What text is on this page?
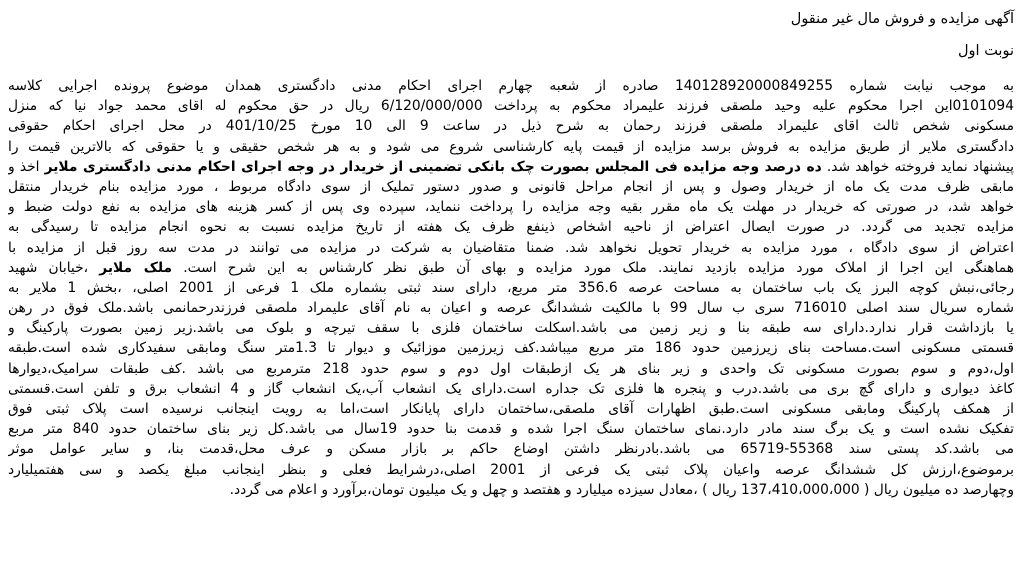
آگهی مزایده و فروش مال غیر منقول
نوبت اول
به موجب نیابت شماره 140128920000849255 صادره از شعبه چهارم اجرای احکام مدنی دادگستری همدان موضوع پرونده اجرایی کلاسه
0101094این اجرا محکوم علیه وحید ملصقی فرزند علیمراد محکوم به پرداخت 6/120/000/000 ریال در حق محکوم له اقای محمد جواد نیا که منزل
مسکونی شخص ثالث اقای علیمراد ملصقی فرزند رحمان به شرح ذیل در ساعت 9 الی 10 مورخ 401/10/25 در محل اجرای احکام حقوقی
دادگستری ملایر از طریق مزایده به فروش برسد مزایده از قیمت پایه کارشناسی شروع می شود و به هر شخص حقیقی و یا حقوقی که بالاترین قیمت را
پیشنهاد نماید فروخته خواهد شد. ده درصد وجه مزایده فی المجلس بصورت چک بانکی تضمینی از خریدار در وجه اجرای احکام مدنی دادگستری ملایر اخذ و
مابقی ظرف مدت یک ماه از خریدار وصول و پس از انجام مراحل قانونی و صدور دستور تملیک از سوی دادگاه مربوط ، مورد مزایده بنام خریدار منتقل
خواهد شد، در صورتی که خریدار در مهلت یک ماه مقرر بقیه وجه مزایده را پرداخت ننماید، سپرده وی پس از کسر هزینه های مزایده به نفع دولت ضبط و
مزایده تجدید می گردد. در صورت ایصال اعتراض از ناحیه اشخاص ذینفع ظرف یک هفته از تاریخ مزایده نسبت به نحوه انجام مزایده تا رسیدگی به
اعتراض از سوی دادگاه ، مورد مزایده به خریدار تحویل نخواهد شد. ضمنا متقاضیان به شرکت در مزایده می توانند در مدت سه روز قبل از مزایده با
هماهنگی این اجرا از املاک مورد مزایده بازدید نمایند. ملک مورد مزایده و بهای آن طبق نظر کارشناس به این شرح است. ملک ملایر ،خیابان شهید
رجائی،نبش کوچه البرز یک باب ساختمان به مساحت عرصه 356.6 متر مربع، دارای سند ثبتی بشماره ملک 1 فرعی از 2001 اصلی، ،بخش 1 ملایر به
شماره سریال سند اصلی 716010 سری ب سال 99 با مالکیت ششدانگ عرصه و اعیان به نام آقای علیمراد ملصقی فرزندرحمانمی باشد.ملک فوق در رهن
یا بازداشت قرار ندارد.دارای سه طبقه بنا و زیر زمین می باشد.اسکلت ساختمان فلزی با سقف تیرچه و بلوک می باشد.زیر زمین بصورت پارکینگ و
قسمتی مسکونی است.مساحت بنای زیرزمین حدود 186 متر مربع میباشد.کف زیرزمین موزائیک و دیوار تا 1.3متر سنگ ومابقی سفیدکاری شده است.طبقه
اول،دوم و سوم بصورت مسکونی تک واحدی و زیر بنای هر یک ازطبقات اول دوم و سوم حدود 218 مترمربع می باشد .کف طبقات سرامیک،دیوارها
کاغذ دیواری و دارای گچ بری می باشد.درب و پنجره ها فلزی تک جداره است.دارای یک انشعاب آب،یک انشعاب گاز و 4 انشعاب برق و تلفن است.قسمتی
از همکف پارکینگ ومابقی مسکونی است.طبق اظهارات آقای ملصقی،ساختمان دارای پایانکار است،اما به رویت اینجانب نرسیده است پلاک ثبتی فوق
تفکیک نشده است و یک برگ سند مادر دارد.نمای ساختمان سنگ اجرا شده و قدمت بنا حدود 19سال می باشد.کل زیر بنای ساختمان حدود 840 متر مربع
می باشد.کد پستی سند 55368-65719 می باشد.بادرنظر داشتن اوضاع حاکم بر بازار مسکن و عرف محل،قدمت بنا، و سایر عوامل موثر
برموضوع،ارزش کل ششدانگ عرصه واعیان پلاک ثبتی یک فرعی از 2001 اصلی،درشرایط فعلی و بنظر اینجانب مبلغ یکصد و سی هفتمیلیارد
وچهارصد ده میلیون ریال ( 137،410،000،000 ریال ) ،معادل سیزده میلیارد و هفتصد و چهل و یک میلیون تومان،برآورد و اعلام می گردد.
